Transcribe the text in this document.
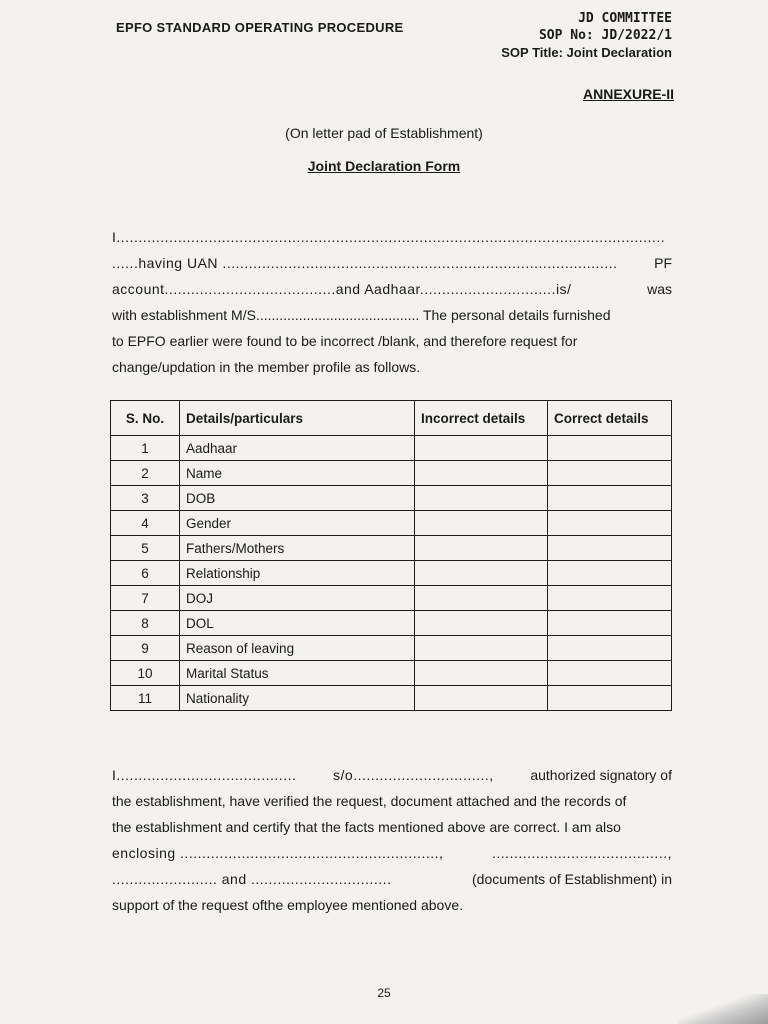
EPFO STANDARD OPERATING PROCEDURE
JD COMMITTEE
SOP No: JD/2022/1
SOP Title: Joint Declaration
ANNEXURE-II
(On letter pad of Establishment)
Joint Declaration Form
I.............................................................................................................................
......having UAN ..........................................................................................	PF
account.......................................and Aadhaar...............................is/	was
with establishment M/S.......................................... The personal details furnished
to EPFO earlier were found to be incorrect /blank, and therefore request for
change/updation in the member profile as follows.
S. No.	Details/particulars	Incorrect details	Correct details
1	Aadhaar		
2	Name		
3	DOB		
4	Gender		
5	Fathers/Mothers		
6	Relationship		
7	DOJ		
8	DOL		
9	Reason of leaving		
10	Marital Status		
11	Nationality		
I.........................................	s/o...............................,	authorized signatory of
the establishment, have verified the request, document attached and the records of
the establishment and certify that the facts mentioned above are correct. I am also
enclosing ...........................................................,	........................................,
........................ and ................................	(documents of Establishment) in
support of the request ofthe employee mentioned above.
25
